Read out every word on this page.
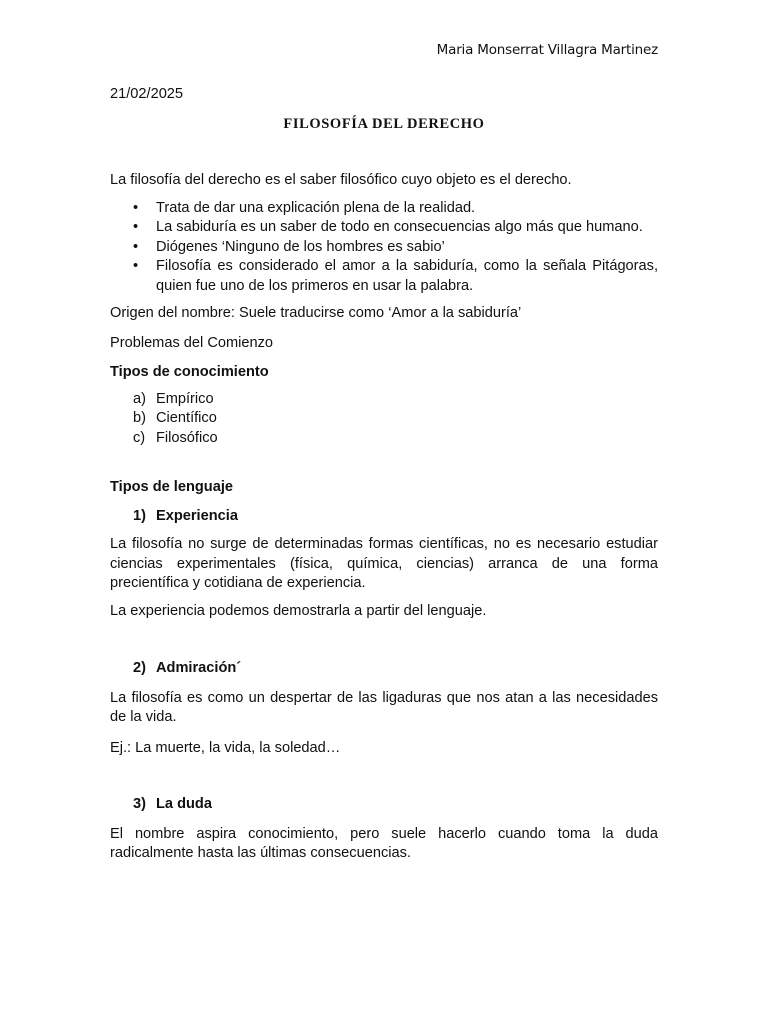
Maria Monserrat Villagra Martinez

21/02/2025

FILOSOFÍA DEL DERECHO

La filosofía del derecho es el saber filosófico cuyo objeto es el derecho.

• Trata de dar una explicación plena de la realidad.
• La sabiduría es un saber de todo en consecuencias algo más que humano.
• Diógenes ‘Ninguno de los hombres es sabio’
• Filosofía es considerado el amor a la sabiduría, como la señala Pitágoras, quien fue uno de los primeros en usar la palabra.

Origen del nombre: Suele traducirse como ‘Amor a la sabiduría’

Problemas del Comienzo

Tipos de conocimiento

a) Empírico
b) Científico
c) Filosófico

Tipos de lenguaje

1) Experiencia

La filosofía no surge de determinadas formas científicas, no es necesario estudiar ciencias experimentales (física, química, ciencias) arranca de una forma precientífica y cotidiana de experiencia.

La experiencia podemos demostrarla a partir del lenguaje.

2) Admiración´

La filosofía es como un despertar de las ligaduras que nos atan a las necesidades de la vida.

Ej.: La muerte, la vida, la soledad…

3) La duda

El nombre aspira conocimiento, pero suele hacerlo cuando toma la duda radicalmente hasta las últimas consecuencias.
